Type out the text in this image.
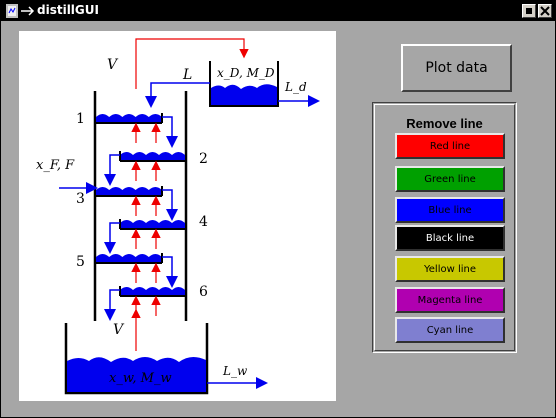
distillGUI
V
L x_D, M_D
L_d
x_F, F
V
x_w, M_w	L_w
1
2
3
4
5
6
Plot data
Remove line
Red line
Green line
Blue line
Black line
Yellow line
Magenta line
Cyan line
